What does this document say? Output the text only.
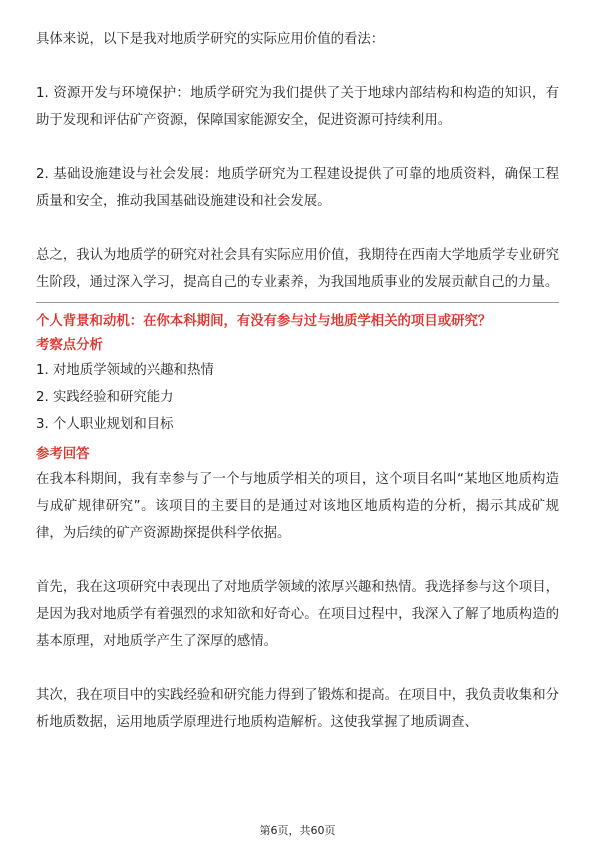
具体来说，以下是我对地质学研究的实际应用价值的看法：

1. 资源开发与环境保护：地质学研究为我们提供了关于地球内部结构和构造的知识，有助于发现和评估矿产资源，保障国家能源安全，促进资源可持续利用。

2. 基础设施建设与社会发展：地质学研究为工程建设提供了可靠的地质资料，确保工程质量和安全，推动我国基础设施建设和社会发展。

总之，我认为地质学的研究对社会具有实际应用价值，我期待在西南大学地质学专业研究生阶段，通过深入学习，提高自己的专业素养，为我国地质事业的发展贡献自己的力量。

个人背景和动机：在你本科期间，有没有参与过与地质学相关的项目或研究？

考察点分析

1. 对地质学领域的兴趣和热情

2. 实践经验和研究能力

3. 个人职业规划和目标

参考回答

在我本科期间，我有幸参与了一个与地质学相关的项目，这个项目名叫“某地区地质构造与成矿规律研究”。该项目的主要目的是通过对该地区地质构造的分析，揭示其成矿规律，为后续的矿产资源勘探提供科学依据。

首先，我在这项研究中表现出了对地质学领域的浓厚兴趣和热情。我选择参与这个项目，是因为我对地质学有着强烈的求知欲和好奇心。在项目过程中，我深入了解了地质构造的基本原理，对地质学产生了深厚的感情。

其次，我在项目中的实践经验和研究能力得到了锻炼和提高。在项目中，我负责收集和分析地质数据，运用地质学原理进行地质构造解析。这使我掌握了地质调查、

第6页，共60页
